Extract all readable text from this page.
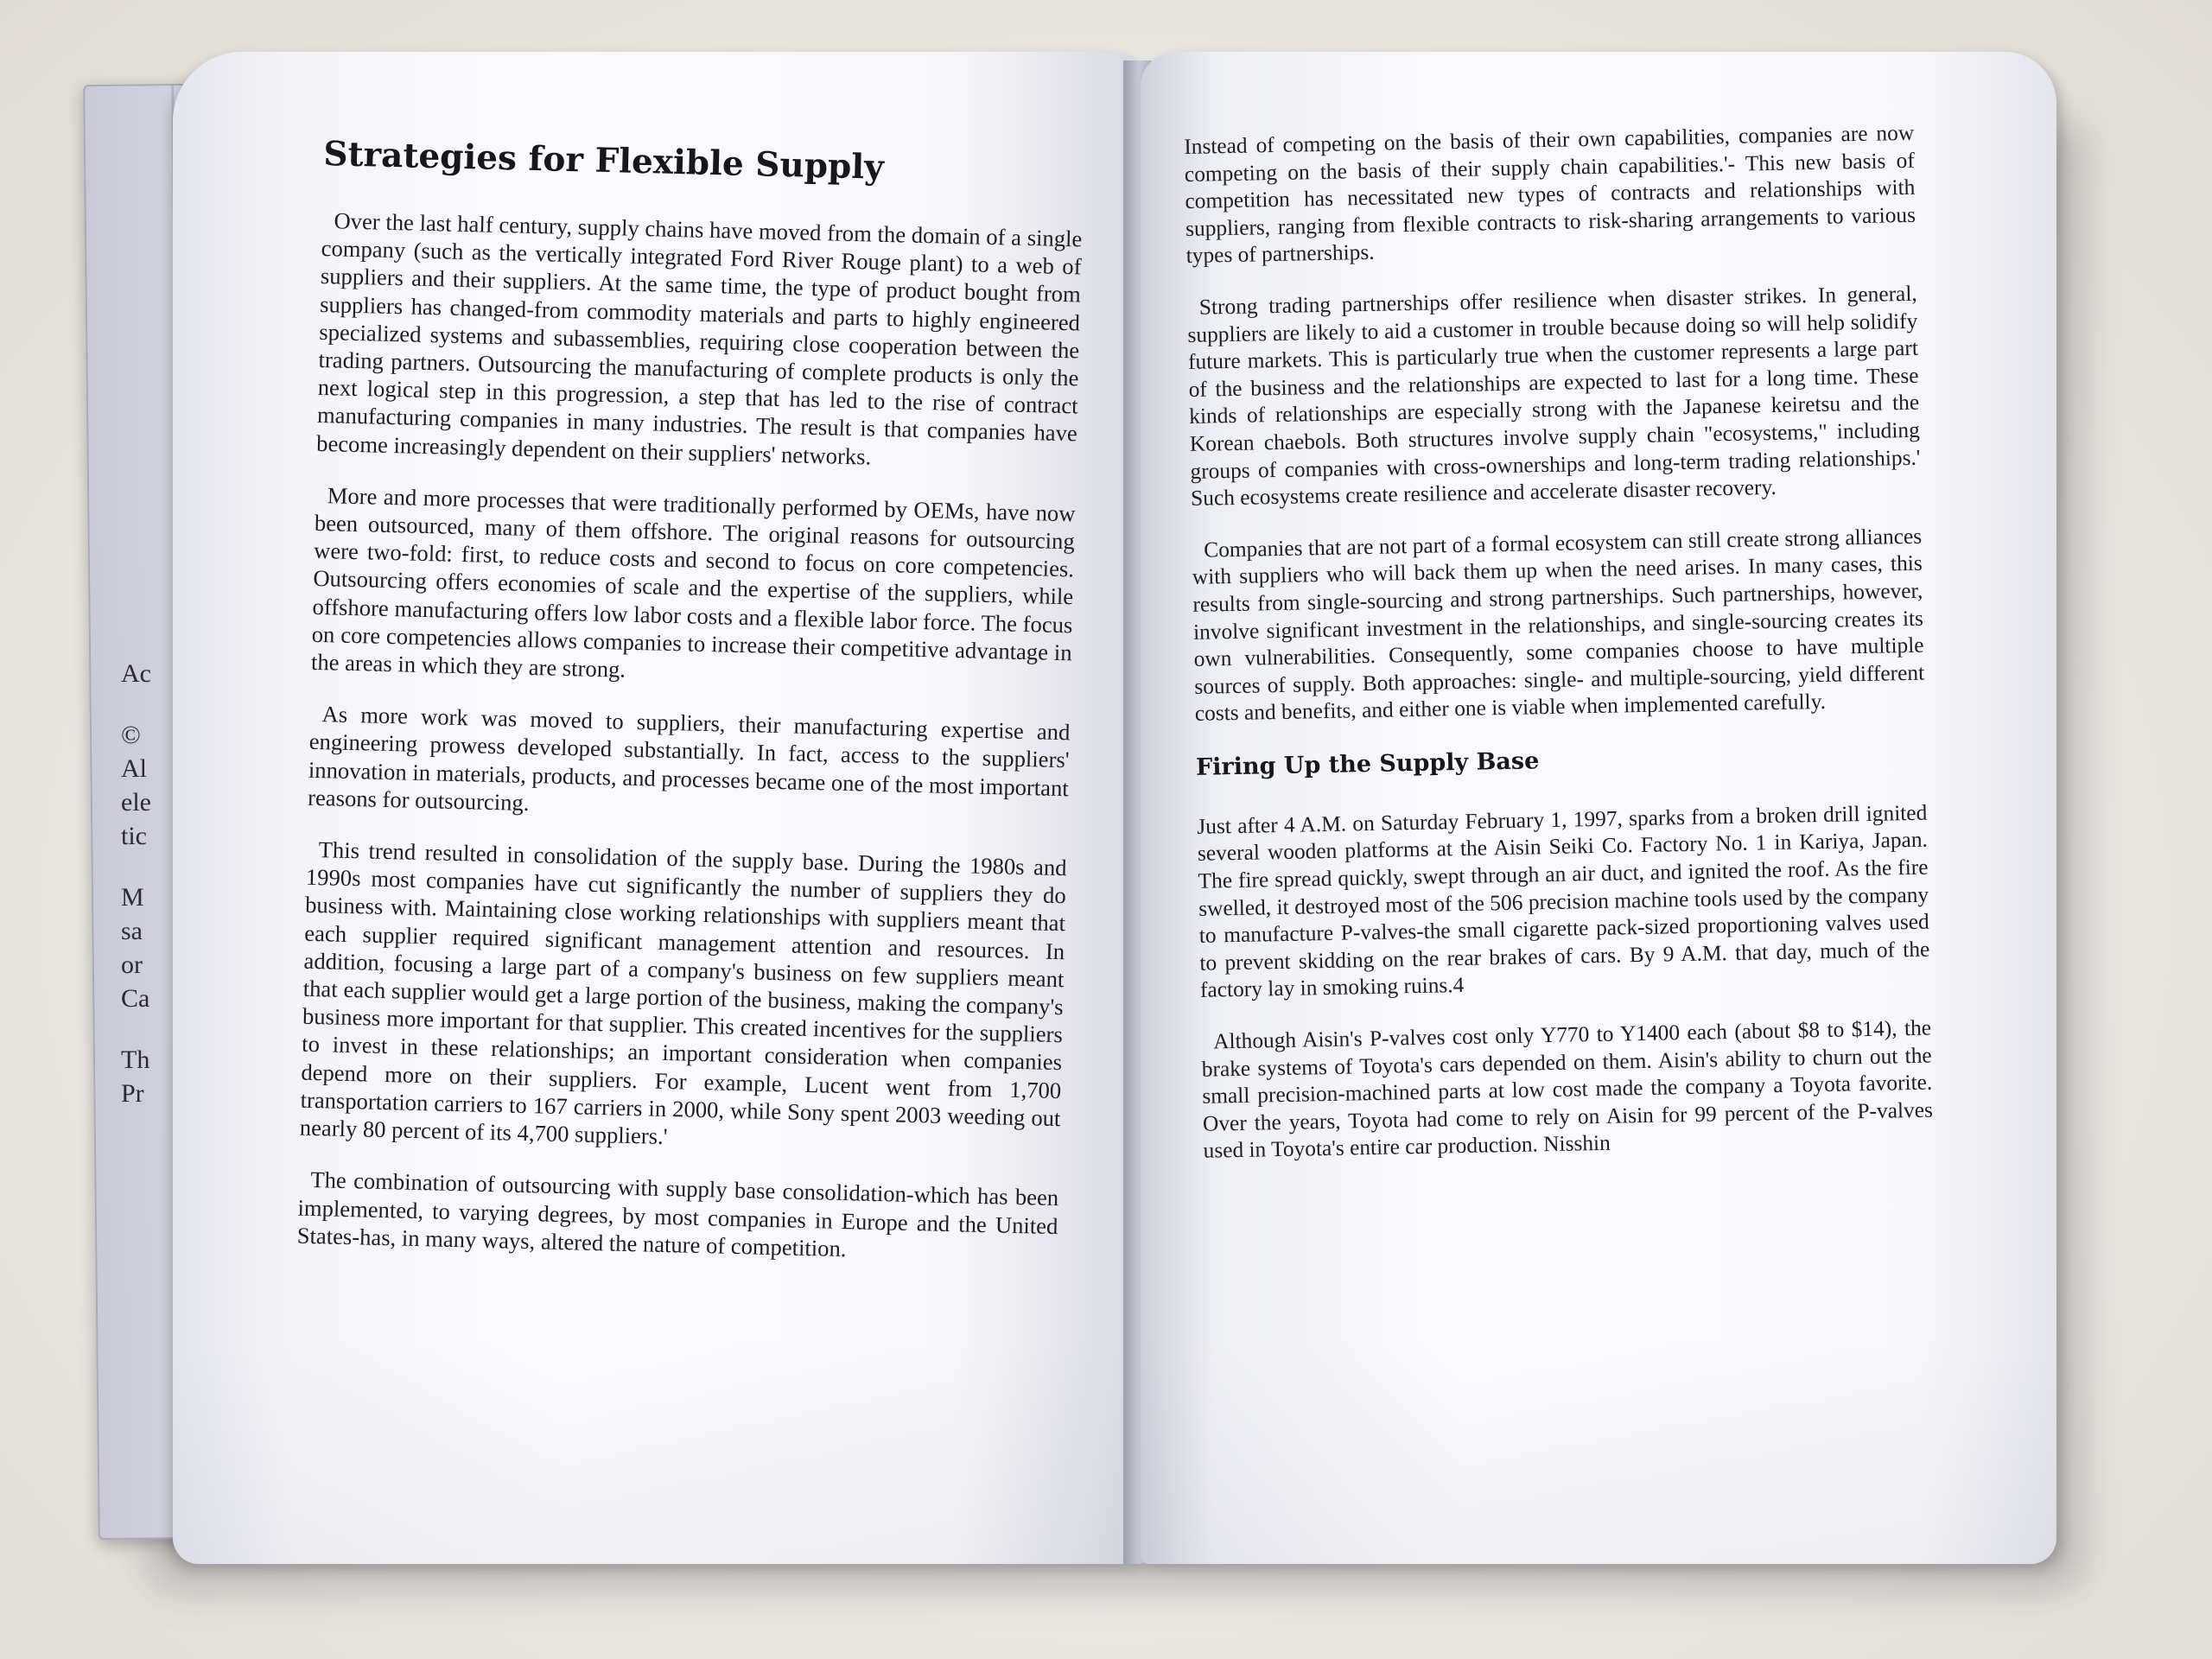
Ac
©
Al
ele
tic
M
sa
or
Ca
Th
Pr
Strategies for Flexible Supply

Over the last half century, supply chains have moved from the domain of a single company (such as the vertically integrated Ford River Rouge plant) to a web of suppliers and their suppliers. At the same time, the type of product bought from suppliers has changed-from commodity materials and parts to highly engineered specialized systems and subassemblies, requiring close cooperation between the trading partners. Outsourcing the manufacturing of complete products is only the next logical step in this progression, a step that has led to the rise of contract manufacturing companies in many industries. The result is that companies have become increasingly dependent on their suppliers' networks.

More and more processes that were traditionally performed by OEMs, have now been outsourced, many of them offshore. The original reasons for outsourcing were two-fold: first, to reduce costs and second to focus on core competencies. Outsourcing offers economies of scale and the expertise of the suppliers, while offshore manufacturing offers low labor costs and a flexible labor force. The focus on core competencies allows companies to increase their competitive advantage in the areas in which they are strong.

As more work was moved to suppliers, their manufacturing expertise and engineering prowess developed substantially. In fact, access to the suppliers' innovation in materials, products, and processes became one of the most important reasons for outsourcing.

This trend resulted in consolidation of the supply base. During the 1980s and 1990s most companies have cut significantly the number of suppliers they do business with. Maintaining close working relationships with suppliers meant that each supplier required significant management attention and resources. In addition, focusing a large part of a company's business on few suppliers meant that each supplier would get a large portion of the business, making the company's business more important for that supplier. This created incentives for the suppliers to invest in these relationships; an important consideration when companies depend more on their suppliers. For example, Lucent went from 1,700 transportation carriers to 167 carriers in 2000, while Sony spent 2003 weeding out nearly 80 percent of its 4,700 suppliers.'

The combination of outsourcing with supply base consolidation-which has been implemented, to varying degrees, by most companies in Europe and the United States-has, in many ways, altered the nature of competition.

Instead of competing on the basis of their own capabilities, companies are now competing on the basis of their supply chain capabilities.'- This new basis of competition has necessitated new types of contracts and relationships with suppliers, ranging from flexible contracts to risk-sharing arrangements to various types of partnerships.

Strong trading partnerships offer resilience when disaster strikes. In general, suppliers are likely to aid a customer in trouble because doing so will help solidify future markets. This is particularly true when the customer represents a large part of the business and the relationships are expected to last for a long time. These kinds of relationships are especially strong with the Japanese keiretsu and the Korean chaebols. Both structures involve supply chain "ecosystems," including groups of companies with cross-ownerships and long-term trading relationships.' Such ecosystems create resilience and accelerate disaster recovery.

Companies that are not part of a formal ecosystem can still create strong alliances with suppliers who will back them up when the need arises. In many cases, this results from single-sourcing and strong partnerships. Such partnerships, however, involve significant investment in the relationships, and single-sourcing creates its own vulnerabilities. Consequently, some companies choose to have multiple sources of supply. Both approaches: single- and multiple-sourcing, yield different costs and benefits, and either one is viable when implemented carefully.

Firing Up the Supply Base

Just after 4 A.M. on Saturday February 1, 1997, sparks from a broken drill ignited several wooden platforms at the Aisin Seiki Co. Factory No. 1 in Kariya, Japan. The fire spread quickly, swept through an air duct, and ignited the roof. As the fire swelled, it destroyed most of the 506 precision machine tools used by the company to manufacture P-valves-the small cigarette pack-sized proportioning valves used to prevent skidding on the rear brakes of cars. By 9 A.M. that day, much of the factory lay in smoking ruins.4

Although Aisin's P-valves cost only Y770 to Y1400 each (about $8 to $14), the brake systems of Toyota's cars depended on them. Aisin's ability to churn out the small precision-machined parts at low cost made the company a Toyota favorite. Over the years, Toyota had come to rely on Aisin for 99 percent of the P-valves used in Toyota's entire car production. Nisshin
